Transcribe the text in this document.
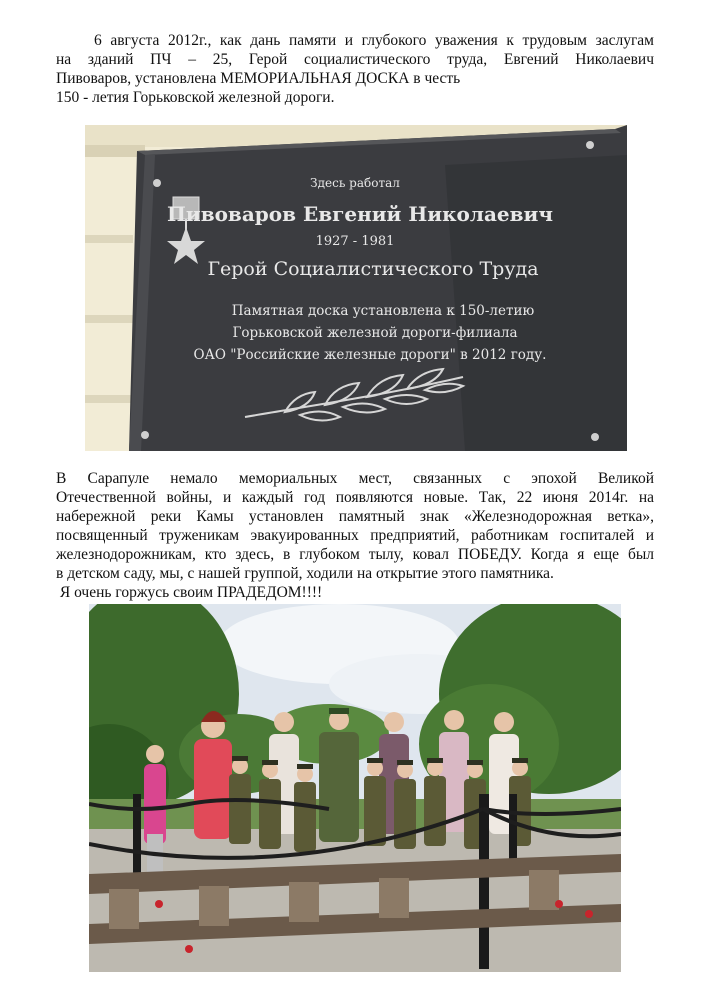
6 августа 2012г., как дань памяти и глубокого уважения к трудовым заслугам
на зданий ПЧ – 25, Герой социалистического труда, Евгений Николаевич
Пивоваров, установлена МЕМОРИАЛЬНАЯ ДОСКА в честь
150 - летия Горьковской железной дороги.
Здесь работал
Пивоваров Евгений Николаевич
1927 - 1981
Герой Социалистического Труда
Памятная доска установлена к 150-летию
Горьковской железной дороги-филиала
ОАО "Российские железные дороги" в 2012 году.
В Сарапуле немало мемориальных мест, связанных с эпохой Великой
Отечественной войны, и каждый год появляются новые. Так, 22 июня 2014г. на
набережной реки Камы установлен памятный знак «Железнодорожная ветка»,
посвященный труженикам эвакуированных предприятий, работникам госпиталей и
железнодорожникам, кто здесь, в глубоком тылу, ковал ПОБЕДУ. Когда я еще был
в детском саду, мы, с нашей группой, ходили на открытие этого памятника.
Я очень горжусь своим ПРАДЕДОМ!!!!
